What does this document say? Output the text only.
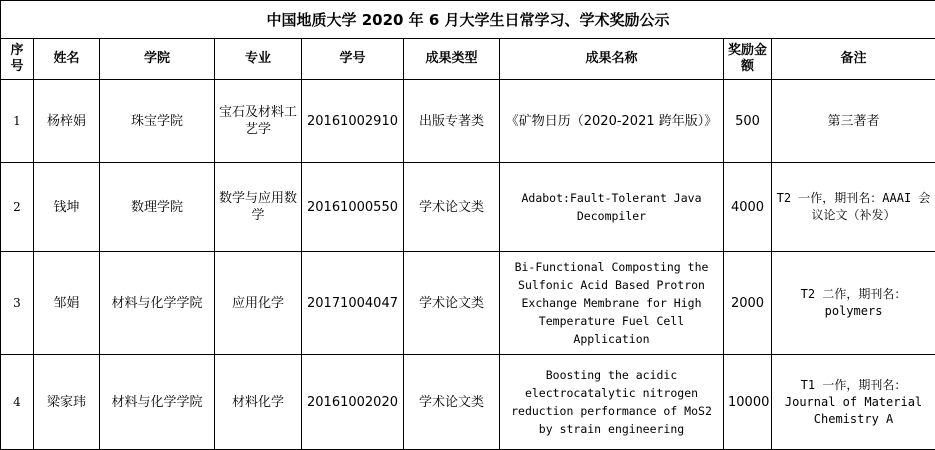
中国地质大学 2020 年 6 月大学生日常学习、学术奖励公示								
序号	姓名	学院	专业	学号	成果类型	成果名称	奖励金额	备注
1	杨梓娟	珠宝学院	宝石及材料工艺学	20161002910	出版专著类	《矿物日历（2020-2021 跨年版）》	500	第三著者
2	钱坤	数理学院	数学与应用数学	20161000550	学术论文类	Adabot:Fault-Tolerant Java Decompiler	4000	T2 一作，期刊名：AAAI 会议论文（补发）
3	邹娟	材料与化学学院	应用化学	20171004047	学术论文类	Bi-Functional Composting the Sulfonic Acid Based Protron Exchange Membrane for High Temperature Fuel Cell Application	2000	T2 二作，期刊名：polymers
4	梁家玮	材料与化学学院	材料化学	20161002020	学术论文类	Boosting the acidic electrocatalytic nitrogen reduction performance of MoS2 by strain engineering	10000	T1 一作，期刊名：Journal of Material Chemistry A
